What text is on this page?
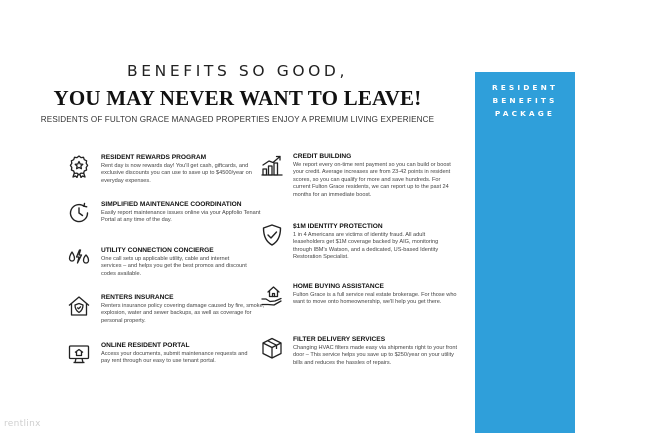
BENEFITS SO GOOD,
YOU MAY NEVER WANT TO LEAVE!
RESIDENTS OF FULTON GRACE MANAGED PROPERTIES ENJOY A PREMIUM LIVING EXPERIENCE
RESIDENT
BENEFITS
PACKAGE
RESIDENT REWARDS PROGRAM
Rent day is now rewards day! You'll get cash, giftcards, and exclusive discounts you can use to save up to $4500/year on everyday expenses.
SIMPLIFIED MAINTENANCE COORDINATION
Easily report maintenance issues online via your Appfolio Tenant Portal at any time of the day.
UTILITY CONNECTION CONCIERGE
One call sets up applicable utility, cable and internet services – and helps you get the best promos and discount codes available.
RENTERS INSURANCE
Renters insurance policy covering damage caused by fire, smoke, explosion, water and sewer backups, as well as coverage for personal property.
ONLINE RESIDENT PORTAL
Access your documents, submit maintenance requests and pay rent through our easy to use tenant portal.
CREDIT BUILDING
We report every on-time rent payment so you can build or boost your credit. Average increases are from 23-42 points in resident scores, so you can qualify for more and save hundreds. For current Fulton Grace residents, we can report up to the past 24 months for an immediate boost.
$1M IDENTITY PROTECTION
1 in 4 Americans are victims of identity fraud. All adult leaseholders get $1M coverage backed by AIG, monitoring through IBM's Watson, and a dedicated, US-based Identity Restoration Specialist.
HOME BUYING ASSISTANCE
Fulton Grace is a full service real estate brokerage. For those who want to move onto homeownership, we'll help you get there.
FILTER DELIVERY SERVICES
Changing HVAC filters made easy via shipments right to your front door – This service helps you save up to $250/year on your utility bills and reduces the hassles of repairs.
rentlinx
